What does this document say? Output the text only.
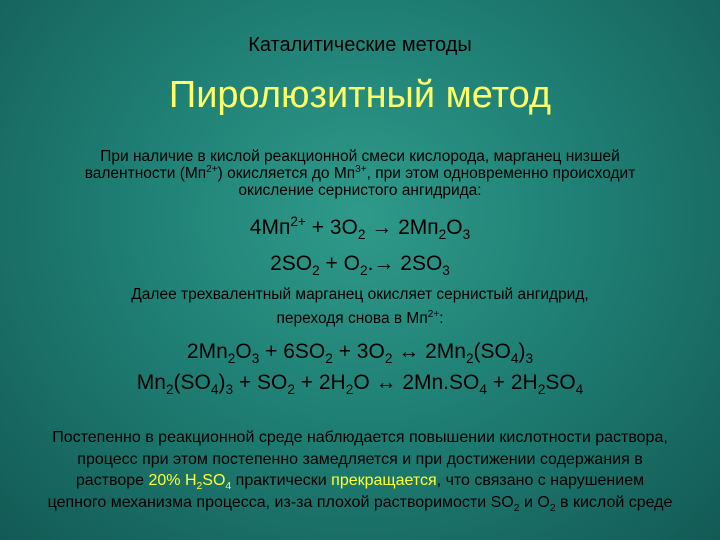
Каталитические методы
Пиролюзитный метод
При наличие в кислой реакционной смеси кислорода, марганец низшей
валентности $(Мп^{2+})$ окисляется до $Мп^{3+}$, при этом одновременно происходит
окисление сернистого ангидрида:
$4Мп^{2+} + 3O_2 \to 2Мп_2O_3$
$2SO_2 + O_2.\to 2SO_3$
Далее трехвалентный марганец окисляет сернистый ангидрид,
переходя снова в $Мп^{2+}$:
$2Mn_2O_3 + 6SO_2 + 3O_2$ ↔ $2Mn_2(SO_4)_3$
$Mn_2(SO_4)_3 + SO_2 + 2H_2O$ ↔ $2Mn.SO_4 + 2H_2SO_4$
Постепенно в реакционной среде наблюдается повышении кислотности раствора,
процесс при этом постепенно замедляется и при достижении содержания в
растворе 20% $H_2SO_4$ практически прекращается, что связано с нарушением
цепного механизма процесса, из-за плохой растворимости $SO_2$ и $O_2$ в кислой среде
